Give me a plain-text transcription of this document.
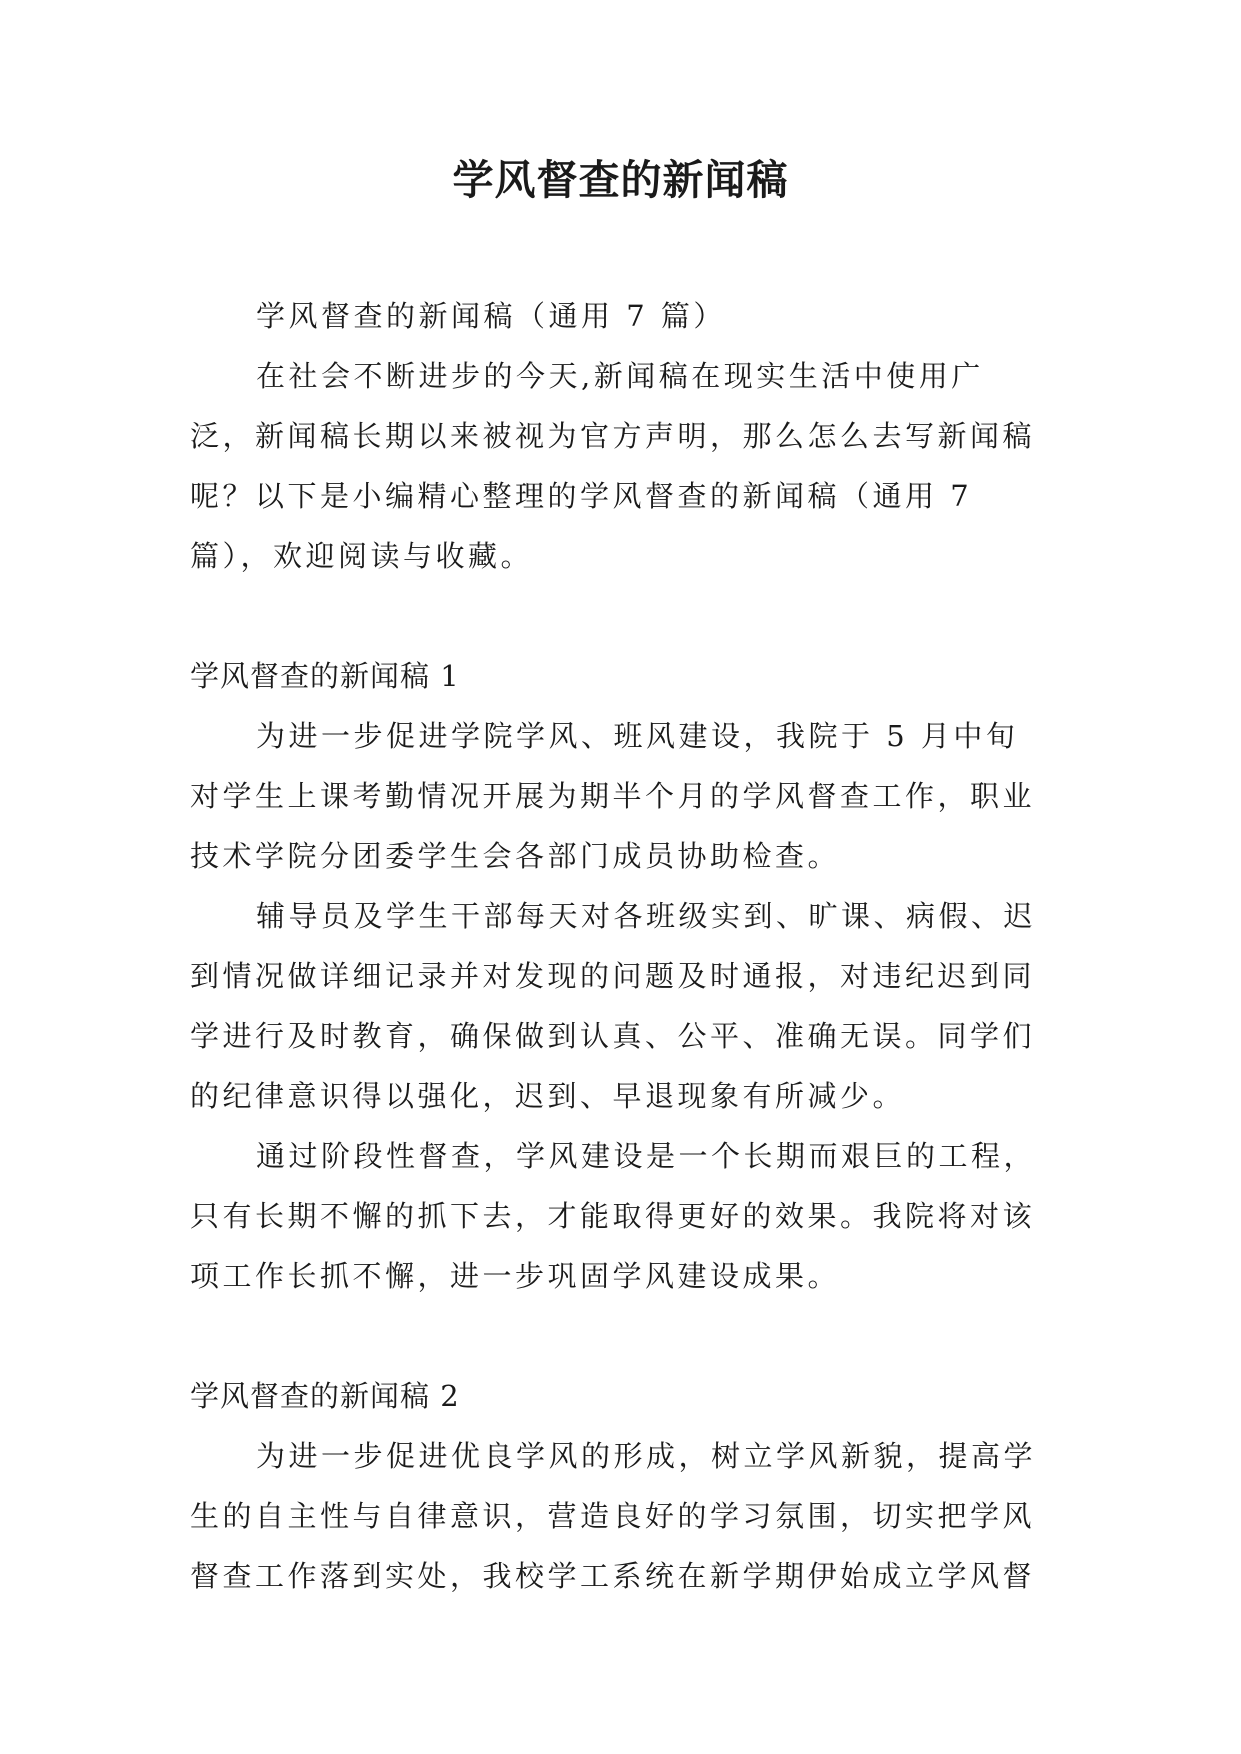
学风督查的新闻稿

学风督查的新闻稿（通用 7 篇）

在社会不断进步的今天,新闻稿在现实生活中使用广泛，新闻稿长期以来被视为官方声明，那么怎么去写新闻稿呢？以下是小编精心整理的学风督查的新闻稿（通用 7 篇），欢迎阅读与收藏。

学风督查的新闻稿 1

为进一步促进学院学风、班风建设，我院于 5 月中旬对学生上课考勤情况开展为期半个月的学风督查工作，职业技术学院分团委学生会各部门成员协助检查。

辅导员及学生干部每天对各班级实到、旷课、病假、迟到情况做详细记录并对发现的问题及时通报，对违纪迟到同学进行及时教育，确保做到认真、公平、准确无误。同学们的纪律意识得以强化，迟到、早退现象有所减少。

通过阶段性督查，学风建设是一个长期而艰巨的工程，只有长期不懈的抓下去，才能取得更好的效果。我院将对该项工作长抓不懈，进一步巩固学风建设成果。

学风督查的新闻稿 2

为进一步促进优良学风的形成，树立学风新貌，提高学生的自主性与自律意识，营造良好的学习氛围，切实把学风督查工作落到实处，我校学工系统在新学期伊始成立学风督
